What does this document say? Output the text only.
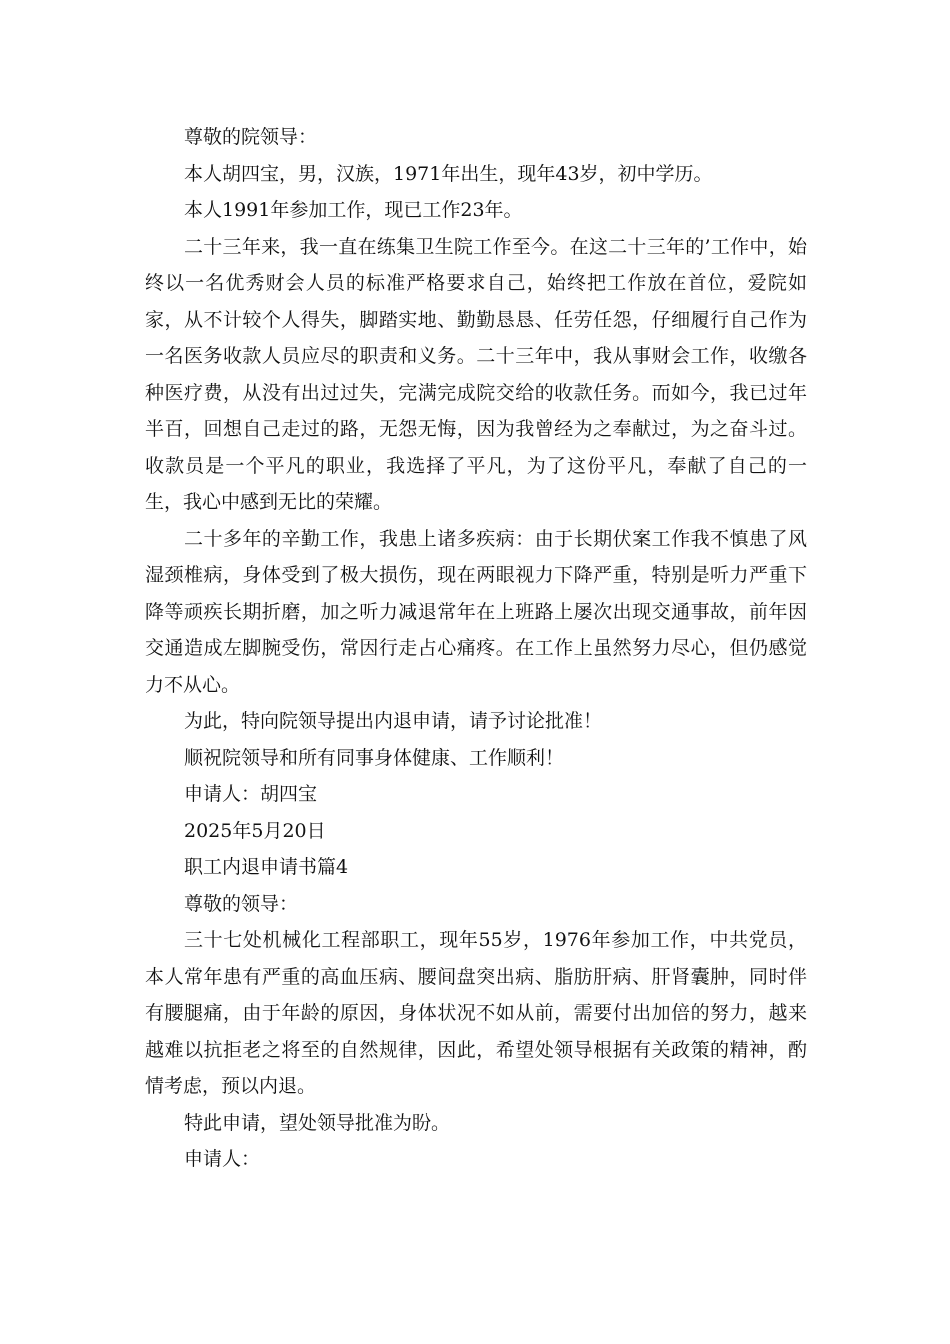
尊敬的院领导：

本人胡四宝，男，汉族，1971年出生，现年43岁，初中学历。

本人1991年参加工作，现已工作23年。

二十三年来，我一直在练集卫生院工作至今。在这二十三年的’工作中，始终以一名优秀财会人员的标准严格要求自己，始终把工作放在首位，爱院如家，从不计较个人得失，脚踏实地、勤勤恳恳、任劳任怨，仔细履行自己作为一名医务收款人员应尽的职责和义务。二十三年中，我从事财会工作，收缴各种医疗费，从没有出过过失，完满完成院交给的收款任务。而如今，我已过年半百，回想自己走过的路，无怨无悔，因为我曾经为之奉献过，为之奋斗过。收款员是一个平凡的职业，我选择了平凡，为了这份平凡，奉献了自己的一生，我心中感到无比的荣耀。

二十多年的辛勤工作，我患上诸多疾病：由于长期伏案工作我不慎患了风湿颈椎病，身体受到了极大损伤，现在两眼视力下降严重，特别是听力严重下降等顽疾长期折磨，加之听力减退常年在上班路上屡次出现交通事故，前年因交通造成左脚腕受伤，常因行走占心痛疼。在工作上虽然努力尽心，但仍感觉力不从心。

为此，特向院领导提出内退申请，请予讨论批准！

顺祝院领导和所有同事身体健康、工作顺利！

申请人：胡四宝

2025年5月20日

职工内退申请书篇4

尊敬的领导：

三十七处机械化工程部职工，现年55岁，1976年参加工作，中共党员，本人常年患有严重的高血压病、腰间盘突出病、脂肪肝病、肝肾囊肿，同时伴有腰腿痛，由于年龄的原因，身体状况不如从前，需要付出加倍的努力，越来越难以抗拒老之将至的自然规律，因此，希望处领导根据有关政策的精神，酌情考虑，预以内退。

特此申请，望处领导批准为盼。

申请人：
